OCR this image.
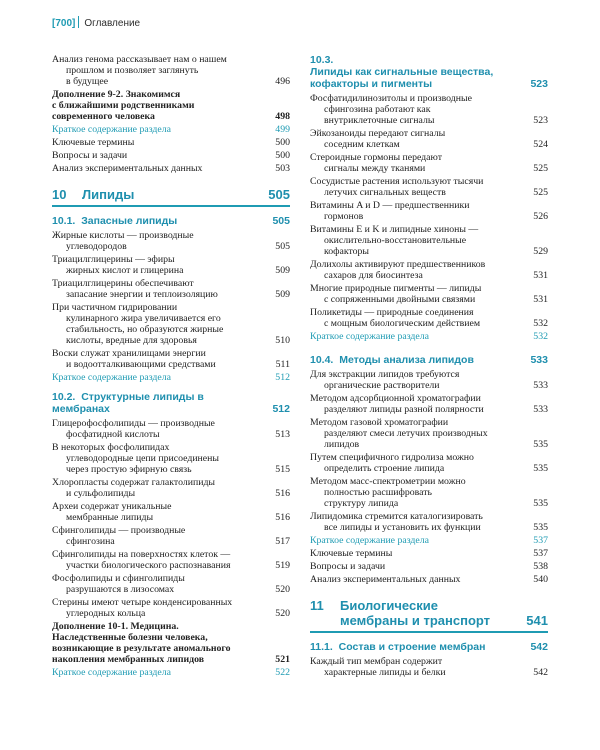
[700] Оглавление
Анализ генома рассказывает нам о нашем
прошлом и позволяет заглянуть
в будущее	496
Дополнение 9-2. Знакомимся
с ближайшими родственниками
современного человека	498
Краткое содержание раздела	499
Ключевые термины	500
Вопросы и задачи	500
Анализ экспериментальных данных	503
10 Липиды	505
10.1. Запасные липиды	505
Жирные кислоты — производные
углеводородов	505
Триацилглицерины — эфиры
жирных кислот и глицерина	509
Триацилглицерины обеспечивают
запасание энергии и теплоизоляцию	509
При частичном гидрировании
кулинарного жира увеличивается его
стабильность, но образуются жирные
кислоты, вредные для здоровья	510
Воски служат хранилищами энергии
и водоотталкивающими средствами	511
Краткое содержание раздела	512
10.2. Структурные липиды в мембранах	512
Глицерофосфолипиды — производные
фосфатидной кислоты	513
В некоторых фосфолипидах
углеводородные цепи присоединены
через простую эфирную связь	515
Хлоропласты содержат галактолипиды
и сульфолипиды	516
Археи содержат уникальные
мембранные липиды	516
Сфинголипиды — производные
сфингозина	517
Сфинголипиды на поверхностях клеток —
участки биологического распознавания	519
Фосфолипиды и сфинголипиды
разрушаются в лизосомах	520
Стерины имеют четыре конденсированных
углеродных кольца	520
Дополнение 10-1. Медицина.
Наследственные болезни человека,
возникающие в результате аномального
накопления мембранных липидов	521
Краткое содержание раздела	522
10.3.
Липиды как сигнальные вещества,
кофакторы и пигменты	523
Фосфатидилинозитолы и производные
сфингозина работают как
внутриклеточные сигналы	523
Эйкозаноиды передают сигналы
соседним клеткам	524
Стероидные гормоны передают
сигналы между тканями	525
Сосудистые растения используют тысячи
летучих сигнальных веществ	525
Витамины A и D — предшественники
гормонов	526
Витамины E и K и липидные хиноны —
окислительно-восстановительные
кофакторы	529
Долихолы активируют предшественников
сахаров для биосинтеза	531
Многие природные пигменты — липиды
с сопряженными двойными связями	531
Поликетиды — природные соединения
с мощным биологическим действием	532
Краткое содержание раздела	532
10.4. Методы анализа липидов	533
Для экстракции липидов требуются
органические растворители	533
Методом адсорбционной хроматографии
разделяют липиды разной полярности	533
Методом газовой хроматографии
разделяют смеси летучих производных
липидов	535
Путем специфичного гидролиза можно
определить строение липида	535
Методом масс-спектрометрии можно
полностью расшифровать
структуру липида	535
Липидомика стремится каталогизировать
все липиды и установить их функции	535
Краткое содержание раздела	537
Ключевые термины	537
Вопросы и задачи	538
Анализ экспериментальных данных	540
11 Биологические
мембраны и транспорт	541
11.1. Состав и строение мембран	542
Каждый тип мембран содержит
характерные липиды и белки	542
